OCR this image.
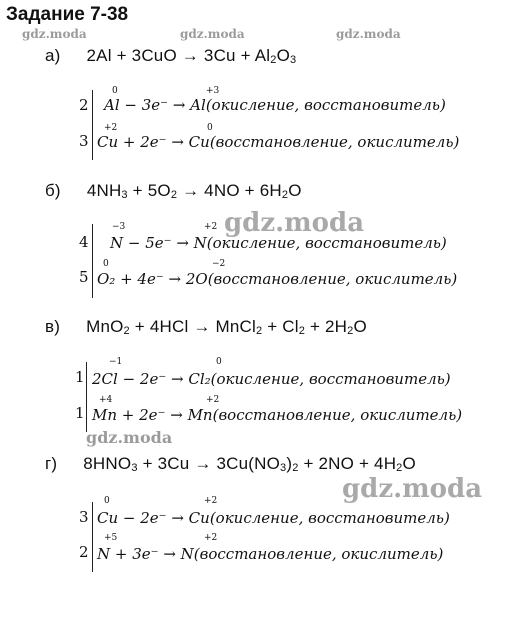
Задание 7-38
gdz.moda	gdz.moda	gdz.moda
а) $2Al + 3CuO \to 3Cu + Al_2O_3$
2
0	+3
Al − 3e⁻ → Al(окисление, восстановитель)
3
+2	0
Cu + 2e⁻ → Cu(восстановление, окислитель)
б) $4NH_3 + 5O_2 \to 4NO + 6H_2O$
gdz.moda
4
−3	+2
N − 5e⁻ → N(окисление, восстановитель)
5
0	−2
O₂ + 4e⁻ → 2O(восстановление, окислитель)
в) MnO$_2$ + 4HCl → MnCl$_2$ + $Cl_2 + 2H_2O$
1
−1	0
2Cl − 2e⁻ → Cl₂(окисление, восстановитель)
1
+4	+2
Mn + 2e⁻ → Mn(восстановление, окислитель)
gdz.moda
г) $8HNO_3 + 3Cu \to 3Cu(NO_3)_2 + 2NO + 4H_2O$
gdz.moda
3
0	+2
Cu − 2e⁻ → Cu(окисление, восстановитель)
2
+5	+2
N + 3e⁻ → N(восстановление, окислитель)
